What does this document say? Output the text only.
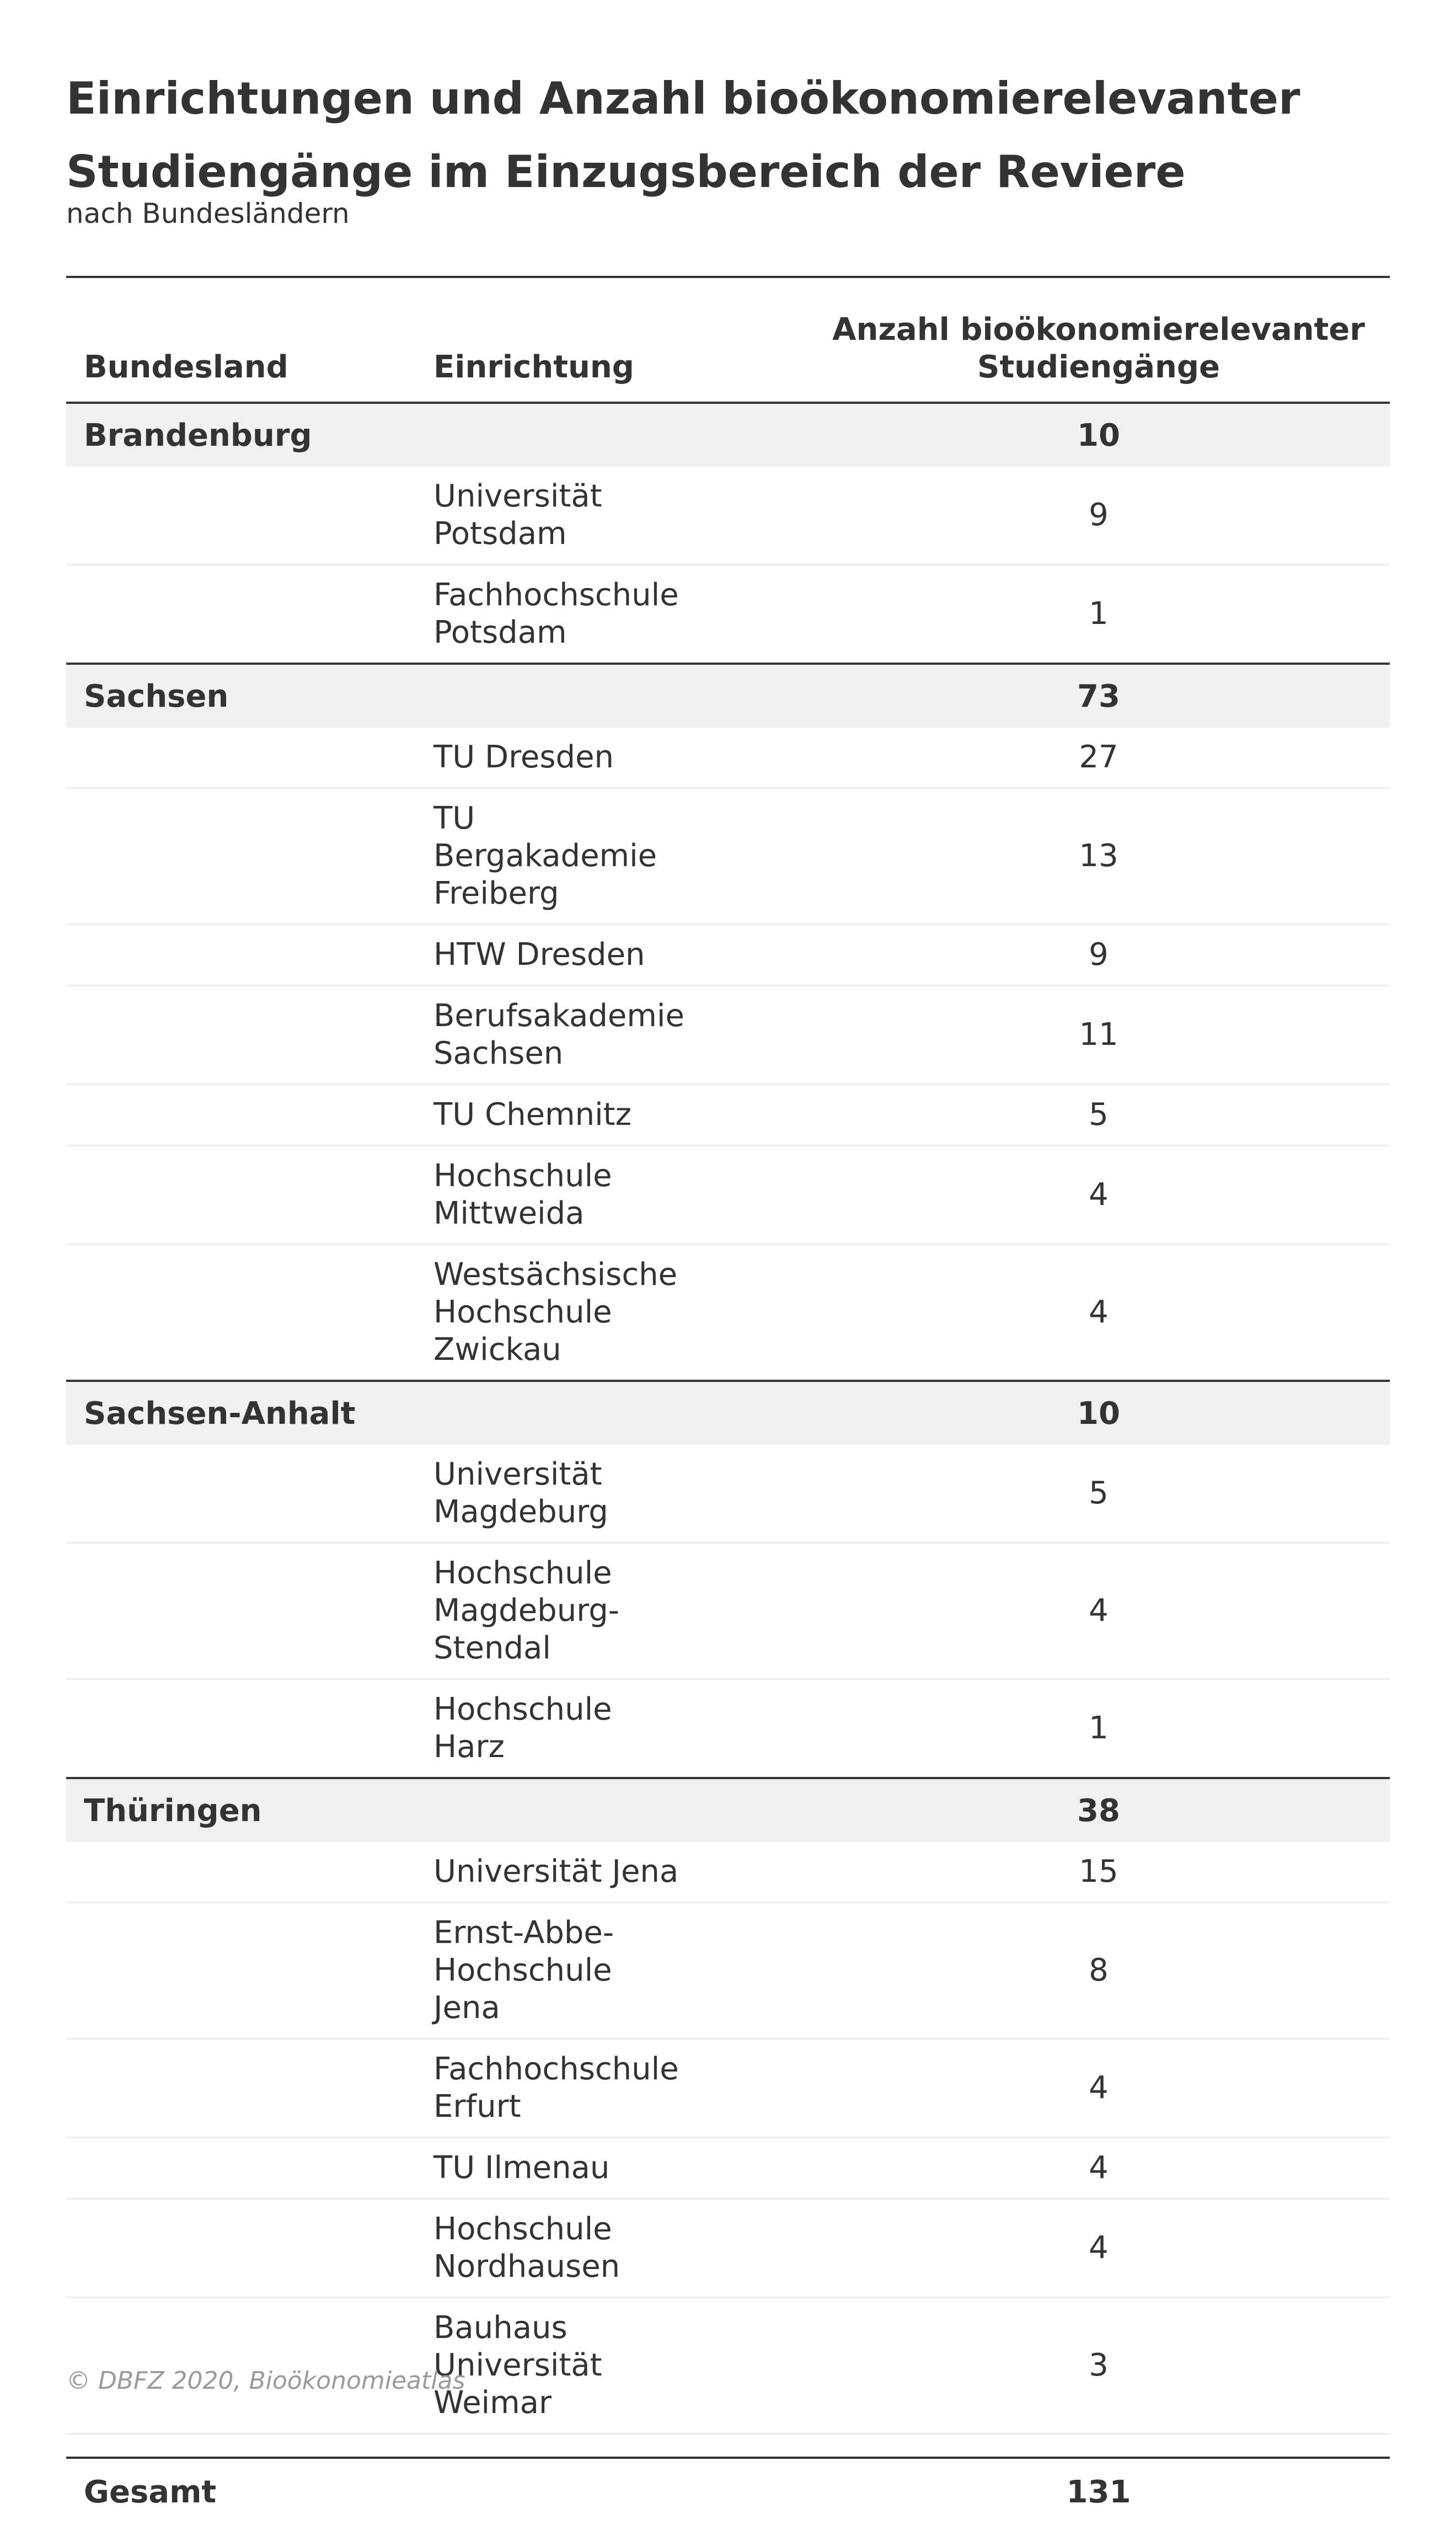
Einrichtungen und Anzahl bioökonomierelevanter Studiengänge im Einzugsbereich der Reviere
nach Bundesländern
Bundesland	Einrichtung	Anzahl bioökonomierelevanter Studiengänge
Brandenburg		10
	Universität Potsdam	9
	Fachhochschule Potsdam	1
Sachsen		73
	TU Dresden	27
	TU Bergakademie Freiberg	13
	HTW Dresden	9
	Berufsakademie Sachsen	11
	TU Chemnitz	5
	Hochschule Mittweida	4
	Westsächsische Hochschule Zwickau	4
Sachsen-Anhalt		10
	Universität Magdeburg	5
	Hochschule Magdeburg-Stendal	4
	Hochschule Harz	1
Thüringen		38
	Universität Jena	15
	Ernst-Abbe-Hochschule Jena	8
	Fachhochschule Erfurt	4
	TU Ilmenau	4
	Hochschule Nordhausen	4
	Bauhaus Universität Weimar	3

Gesamt		131
© DBFZ 2020, Bioökonomieatlas
